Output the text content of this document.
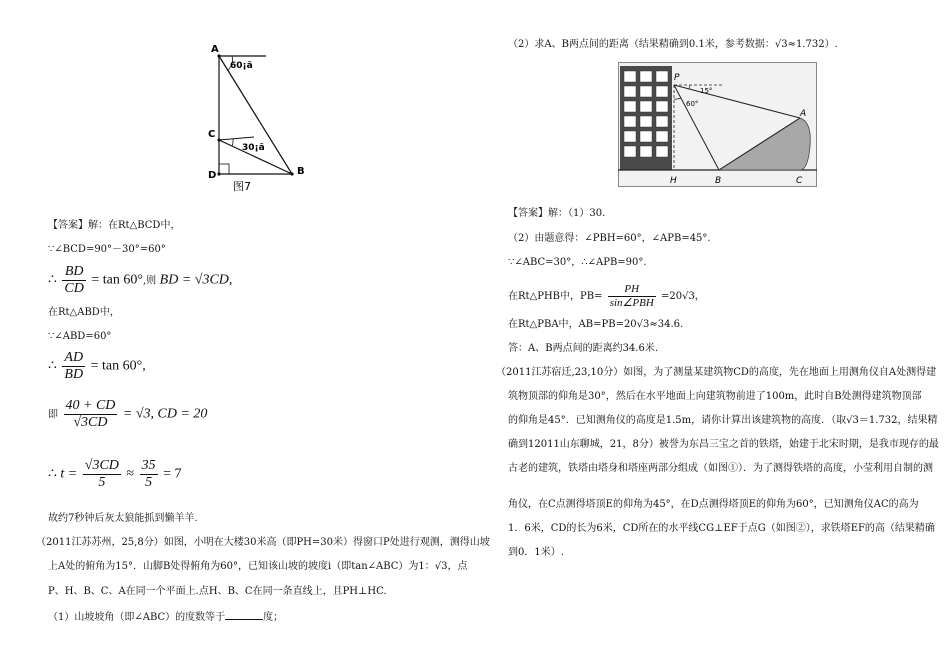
A
C
D	B
60¡ã
30¡ã
图7
【答案】解：在Rt△BCD中，
∵∠BCD=90°－30°=60°
∴ $\frac{BD}{CD} = \tan 60^\circ$,则 BD = √3CD,
在Rt△ABD中，
∵∠ABD=60°
∴ $\frac{AD}{BD} = \tan 60^\circ$,
即 $\frac{40 + CD}{√3CD} = √3$, CD = 20
∴ $t = \frac{√3CD}{5} \approx \frac{35}{5} = 7$
故约7秒钟后灰太狼能抓到懒羊羊.
（2011江苏苏州，25,8分）如图，小明在大楼30米高（即PH=30米）得窗口P处进行观测，测得山坡
上A处的俯角为15°．山脚B处得俯角为60°，已知该山坡的坡度i（即tan∠ABC）为1：√3，点
P、H、B、C、A在同一个平面上.点H、B、C在同一条直线上，且PH⊥HC.
（1）山坡坡角（即∠ABC）的度数等于	度；
（2）求A、B两点间的距离（结果精确到0.1米，参考数据：√3≈1.732）.
P
H	B	C
A
15°
60°
【答案】解：（1）30.
（2）由题意得：∠PBH=60°，∠APB=45°.
∵∠ABC=30°，∴∠APB=90°.
在Rt△PHB中，$PB= \frac{PH}{\text{sin∠PBH}} =20√3$，
在Rt△PBA中，AB=PB=20√3≈34.6.
答：A、B两点间的距离约34.6米.
（2011江苏宿迁,23,10分）如图，为了测量某建筑物CD的高度，先在地面上用测角仪自A处测得建
筑物顶部的仰角是30°，然后在水平地面上向建筑物前进了100m，此时自B处测得建筑物顶部
的仰角是45°．已知测角仪的高度是1.5m，请你计算出该建筑物的高度．（取√3＝1.732，结果精
确到12011山东聊城，21，8分）被誉为东昌三宝之首的铁塔，始建于北宋时期，是我市现存的最
古老的建筑，铁塔由塔身和塔座两部分组成（如图①）．为了测得铁塔的高度，小莹利用自制的测
角仪，在C点测得塔顶E的仰角为45°，在D点测得塔顶E的仰角为60°，已知测角仪AC的高为
1．6米，CD的长为6米，CD所在的水平线CG⊥EF于点G（如图②），求铁塔EF的高（结果精确
到0．1米）.
